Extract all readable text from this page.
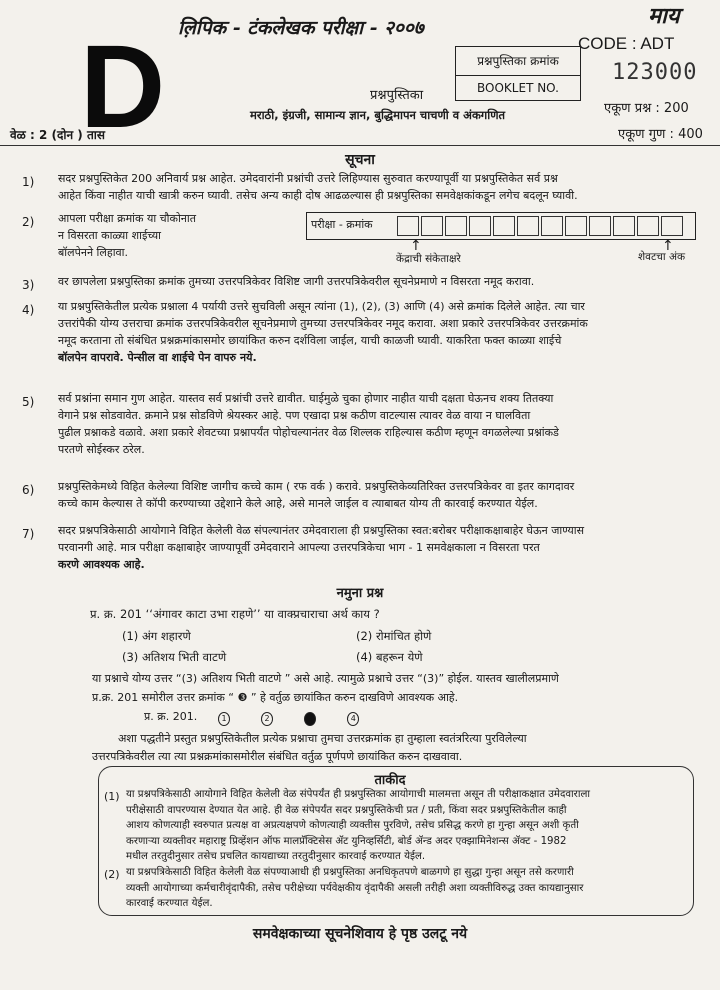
ल़िपिक - टंकलेखक परीक्षा - २००७	माय
D	प्रश्नपुस्तिका क्रमांक
BOOKLET NO.
CODE : ADT
123000
प्रश्नपुस्तिका
मराठी, इंग्रजी, सामान्य ज्ञान, बुद्धिमापन चाचणी व अंकगणित
वेळ : 2 (दोन ) तास
एकूण प्रश्न : 200
एकूण गुण : 400
सूचना
1) सदर प्रश्नपुस्तिकेत 200 अनिवार्य प्रश्न आहेत. उमेदवारांनी प्रश्नांची उत्तरे लिहिण्यास सुरुवात करण्यापूर्वी या प्रश्नपुस्तिकेत सर्व प्रश्न
आहेत किंवा नाहीत याची खात्री करुन घ्यावी. तसेच अन्य काही दोष आढळल्यास ही प्रश्नपुस्तिका समवेक्षकांकडून लगेच बदलून घ्यावी.
2) आपला परीक्षा क्रमांक या चौकोनात
न विसरता काळ्या शाईच्या
बॉलपेनने लिहावा.
परीक्षा - क्रमांक
↑
केंद्राची संकेताक्षरे
↑
शेवटचा अंक
3) वर छापलेला प्रश्नपुस्तिका क्रमांक तुमच्या उत्तरपत्रिकेवर विशिष्ट जागी उत्तरपत्रिकेवरील सूचनेप्रमाणे न विसरता नमूद करावा.
4) या प्रश्नपुस्तिकेतील प्रत्येक प्रश्नाला 4 पर्यायी उत्तरे सुचविली असून त्यांना (1), (2), (3) आणि (4) असे क्रमांक दिलेले आहेत. त्या चार
उत्तरांपैकी योग्य उत्तराचा क्रमांक उत्तरपत्रिकेवरील सूचनेप्रमाणे तुमच्या उत्तरपत्रिकेवर नमूद करावा. अशा प्रकारे उत्तरपत्रिकेवर उत्तरक्रमांक
नमूद करताना तो संबंधित प्रश्नक्रमांकासमोर छायांकित करुन दर्शविला जाईल, याची काळजी घ्यावी. याकरिता फक्त काळ्या शाईचे
बॉलपेन वापरावे. पेन्सील वा शाईचे पेन वापरु नये.
5) सर्व प्रश्नांना समान गुण आहेत. यास्तव सर्व प्रश्नांची उत्तरे द्यावीत. घाईमुळे चुका होणार नाहीत याची दक्षता घेऊनच शक्य तितक्या
वेगाने प्रश्न सोडवावेत. क्रमाने प्रश्न सोडविणे श्रेयस्कर आहे. पण एखादा प्रश्न कठीण वाटल्यास त्यावर वेळ वाया न घालविता
पुढील प्रश्नाकडे वळावे. अशा प्रकारे शेवटच्या प्रश्नापर्यंत पोहोचल्यानंतर वेळ शिल्लक राहिल्यास कठीण म्हणून वगळलेल्या प्रश्नांकडे
परतणे सोईस्कर ठरेल.
6) प्रश्नपुस्तिकेमध्ये विहित केलेल्या विशिष्ट जागीच कच्चे काम ( रफ वर्क ) करावे. प्रश्नपुस्तिकेव्यतिरिक्त उत्तरपत्रिकेवर वा इतर कागदावर
कच्चे काम केल्यास ते कॉपी करण्याच्या उद्देशाने केले आहे, असे मानले जाईल व त्याबाबत योग्य ती कारवाई करण्यात येईल.
7) सदर प्रश्नपत्रिकेसाठी आयोगाने विहित केलेली वेळ संपल्यानंतर उमेदवाराला ही प्रश्नपुस्तिका स्वत:बरोबर परीक्षाकक्षाबाहेर घेऊन जाण्यास
परवानगी आहे. मात्र परीक्षा कक्षाबाहेर जाण्यापूर्वी उमेदवाराने आपल्या उत्तरपत्रिकेचा भाग - 1 समवेक्षकाला न विसरता परत
करणे आवश्यक आहे.
नमुना प्रश्न
प्र. क्र. 201 ‘‘अंगावर काटा उभा राहणे’’ या वाक्प्रचाराचा अर्थ काय ?
(1) अंग शहारणे	(2) रोमांचित होणे
(3) अतिशय भिती वाटणे	(4) बहरून येणे
या प्रश्नाचे योग्य उत्तर “(3) अतिशय भिती वाटणे ” असे आहे. त्यामुळे प्रश्नाचे उत्तर “(3)” होईल. यास्तव खालीलप्रमाणे
प्र.क्र. 201 समोरील उत्तर क्रमांक “ ❸ ” हे वर्तुळ छायांकित करुन दाखविणे आवश्यक आहे.
प्र. क्र. 201.	1	2	3	4
अशा पद्धतीने प्रस्तुत प्रश्नपुस्तिकेतील प्रत्येक प्रश्नाचा तुमचा उत्तरक्रमांक हा तुम्हाला स्वतंत्ररित्या पुरविलेल्या
उत्तरपत्रिकेवरील त्या त्या प्रश्नक्रमांकासमोरील संबंधित वर्तुळ पूर्णपणे छायांकित करुन दाखवावा.
ताकीद
(1) या प्रश्नपत्रिकेसाठी आयोगाने विहित केलेली वेळ संपेपर्यंत ही प्रश्नपुस्तिका आयोगाची मालमत्ता असून ती परीक्षाकक्षात उमेदवाराला
परीक्षेसाठी वापरण्यास देण्यात येत आहे. ही वेळ संपेपर्यंत सदर प्रश्नपुस्तिकेची प्रत / प्रती, किंवा सदर प्रश्नपुस्तिकेतील काही
आशय कोणत्याही स्वरुपात प्रत्यक्ष वा अप्रत्यक्षपणे कोणत्याही व्यक्तीस पुरविणे, तसेच प्रसिद्ध करणे हा गुन्हा असून अशी कृती
करणाऱ्या व्यक्तीवर महाराष्ट्र प्रिव्हेंशन ऑफ मालप्रॅक्टिसेस ॲट युनिव्हर्सिटी, बोर्ड ॲन्ड अदर एक्झामिनेशन्स ॲक्ट - 1982
मधील तरतुदीनुसार तसेच प्रचलित कायद्याच्या तरतुदीनुसार कारवाई करण्यात येईल.
(2) या प्रश्नपत्रिकेसाठी विहित केलेली वेळ संपण्याआधी ही प्रश्नपुस्तिका अनधिकृतपणे बाळगणे हा सुद्धा गुन्हा असून तसे करणारी
व्यक्ती आयोगाच्या कर्मचारीवृंदापैकी, तसेच परीक्षेच्या पर्यवेक्षकीय वृंदापैकी असली तरीही अशा व्यक्तीविरुद्ध उक्त कायद्यानुसार
कारवाई करण्यात येईल.
समवेक्षकाच्या सूचनेशिवाय हे पृष्ठ उलटू नये
